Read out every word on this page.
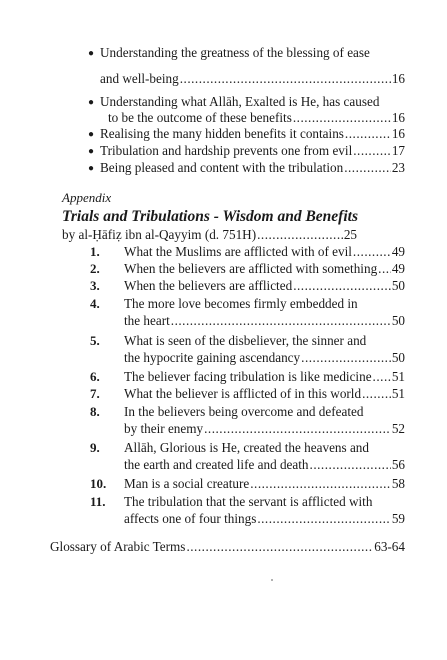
● Understanding the greatness of the blessing of ease
and well-being .....	16
● Understanding what Allāh, Exalted is He, has caused
to be the outcome of these benefits .....	16
● Realising the many hidden benefits it contains .....	16
● Tribulation and hardship prevents one from evil .....	17
● Being pleased and content with the tribulation .....	23
Appendix
Trials and Tribulations - Wisdom and Benefits
by al-Ḥāfiẓ ibn al-Qayyim (d. 751H) .....	25
1.	What the Muslims are afflicted with of evil .....	49
2.	When the believers are afflicted with something ..... 49
3.	When the believers are afflicted .....	50
4.	The more love becomes firmly embedded in
the heart .....	50
5.	What is seen of the disbeliever, the sinner and
the hypocrite gaining ascendancy .....	50
6.	The believer facing tribulation is like medicine ..... 51
7.	What the believer is afflicted of in this world ..... 51
8.	In the believers being overcome and defeated
by their enemy .....	52
9.	Allāh, Glorious is He, created the heavens and
the earth and created life and death .....	56
10.	Man is a social creature .....	58
11.	The tribulation that the servant is afflicted with
affects one of four things .....	59
Glossary of Arabic Terms .....	63-64
